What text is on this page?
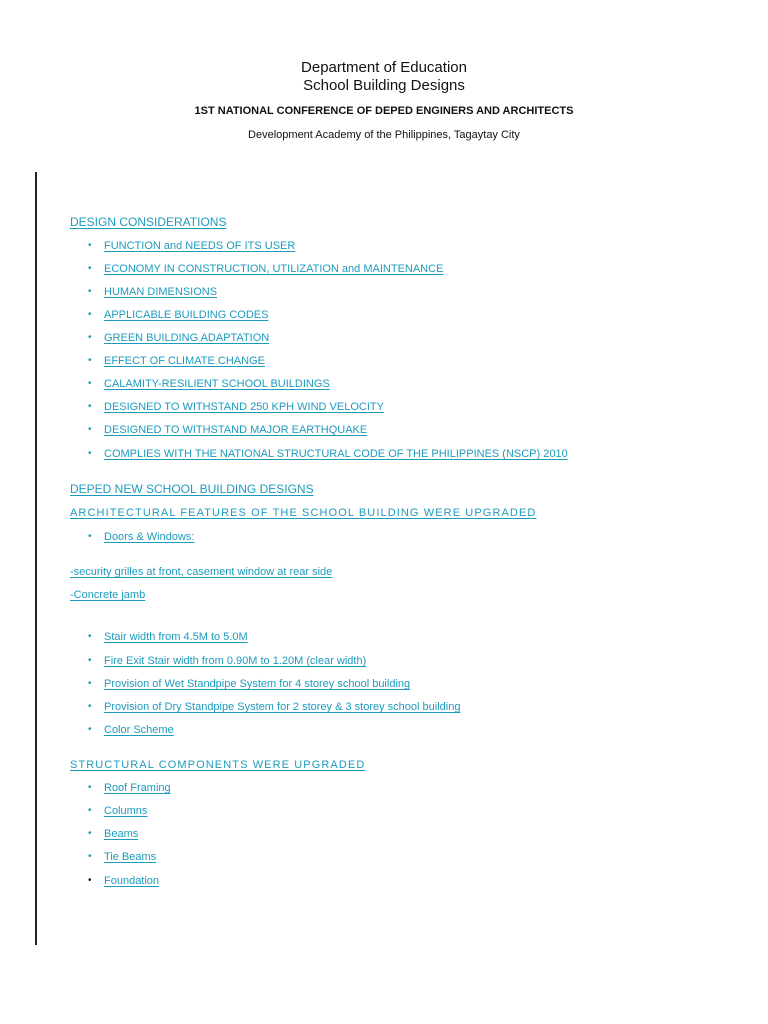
Department of Education
School Building Designs
1ST NATIONAL CONFERENCE OF DEPED ENGINERS AND ARCHITECTS
Development Academy of the Philippines, Tagaytay City
DESIGN CONSIDERATIONS
• FUNCTION and NEEDS OF ITS USER
• ECONOMY IN CONSTRUCTION, UTILIZATION and MAINTENANCE
• HUMAN DIMENSIONS
• APPLICABLE BUILDING CODES
• GREEN BUILDING ADAPTATION
• EFFECT OF CLIMATE CHANGE
• CALAMITY-RESILIENT SCHOOL BUILDINGS
• DESIGNED TO WITHSTAND 250 KPH WIND VELOCITY
• DESIGNED TO WITHSTAND MAJOR EARTHQUAKE
• COMPLIES WITH THE NATIONAL STRUCTURAL CODE OF THE PHILIPPINES (NSCP) 2010
DEPED NEW SCHOOL BUILDING DESIGNS
ARCHITECTURAL FEATURES OF THE SCHOOL BUILDING WERE UPGRADED
• Doors & Windows:
-security grilles at front, casement window at rear side
-Concrete jamb
• Stair width from 4.5M to 5.0M
• Fire Exit Stair width from 0.90M to 1.20M (clear width)
• Provision of Wet Standpipe System for 4 storey school building
• Provision of Dry Standpipe System for 2 storey & 3 storey school building
• Color Scheme
STRUCTURAL COMPONENTS WERE UPGRADED
• Roof Framing
• Columns
• Beams
• Tie Beams
• Foundation
